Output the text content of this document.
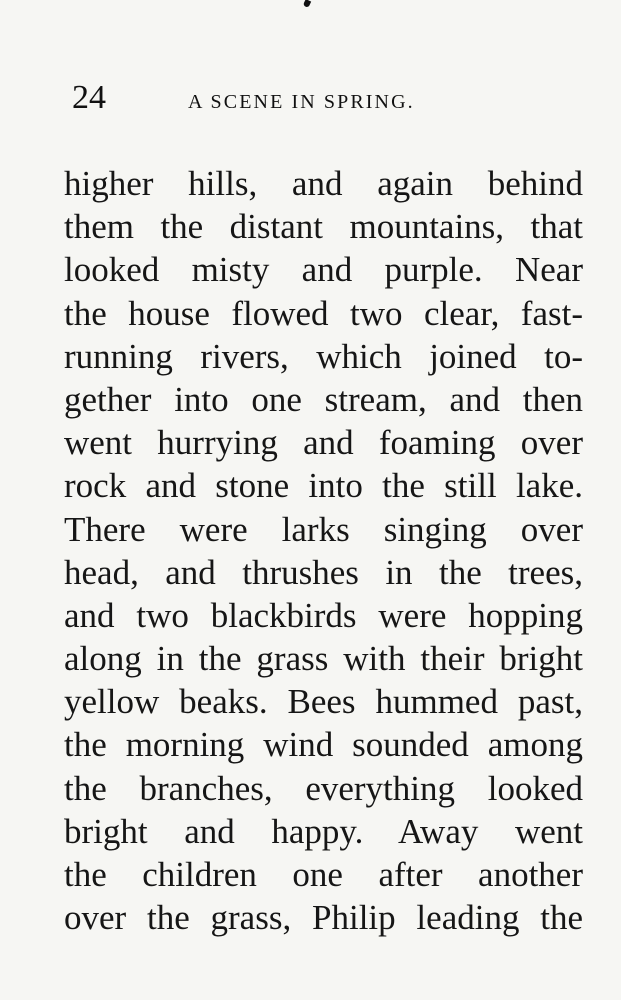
24	A SCENE IN SPRING.
higher hills, and again behind
them the distant mountains, that
looked misty and purple. Near
the house flowed two clear, fast-
running rivers, which joined to-
gether into one stream, and then
went hurrying and foaming over
rock and stone into the still lake.
There were larks singing over
head, and thrushes in the trees,
and two blackbirds were hopping
along in the grass with their bright
yellow beaks. Bees hummed past,
the morning wind sounded among
the branches, everything looked
bright and happy. Away went
the children one after another
over the grass, Philip leading the
